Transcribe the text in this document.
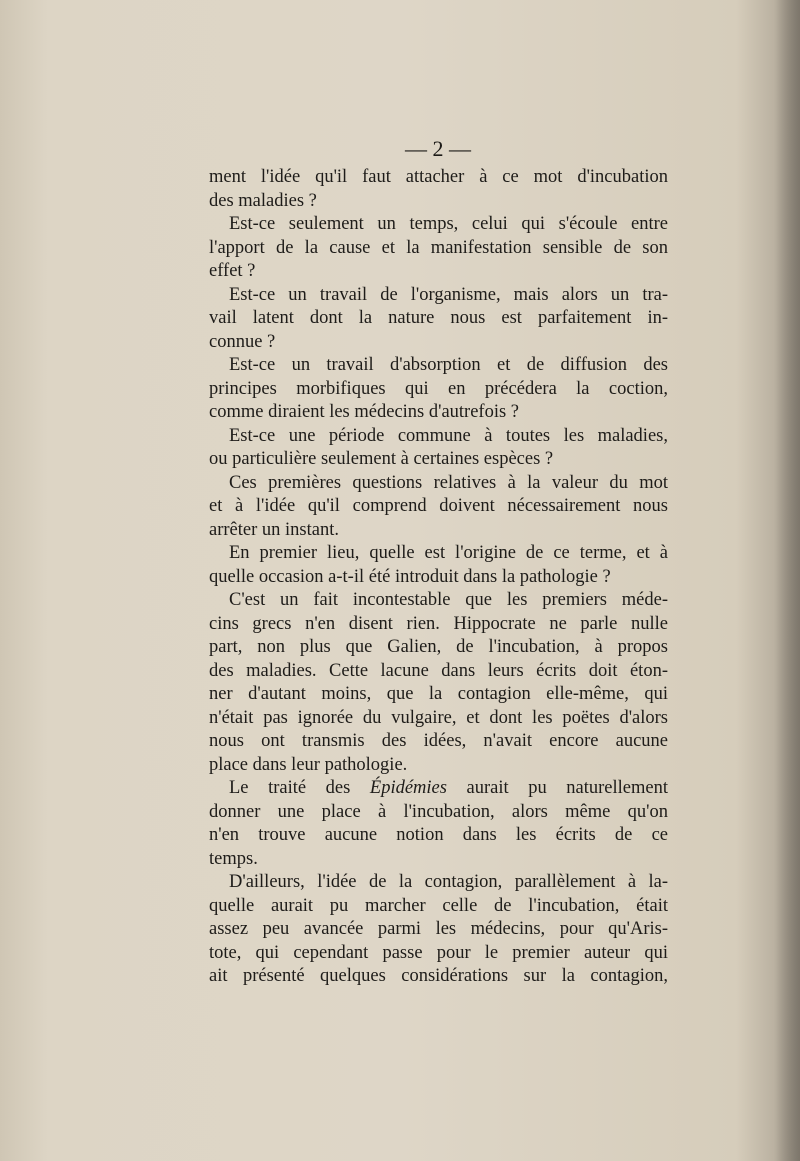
— 2 —
ment l'idée qu'il faut attacher à ce mot d'incubation
des maladies ?
Est-ce seulement un temps, celui qui s'écoule entre
l'apport de la cause et la manifestation sensible de son
effet ?
Est-ce un travail de l'organisme, mais alors un tra-
vail latent dont la nature nous est parfaitement in-
connue ?
Est-ce un travail d'absorption et de diffusion des
principes morbifiques qui en précédera la coction,
comme diraient les médecins d'autrefois ?
Est-ce une période commune à toutes les maladies,
ou particulière seulement à certaines espèces ?
Ces premières questions relatives à la valeur du mot
et à l'idée qu'il comprend doivent nécessairement nous
arrêter un instant.
En premier lieu, quelle est l'origine de ce terme, et à
quelle occasion a-t-il été introduit dans la pathologie ?
C'est un fait incontestable que les premiers méde-
cins grecs n'en disent rien. Hippocrate ne parle nulle
part, non plus que Galien, de l'incubation, à propos
des maladies. Cette lacune dans leurs écrits doit éton-
ner d'autant moins, que la contagion elle-même, qui
n'était pas ignorée du vulgaire, et dont les poëtes d'alors
nous ont transmis des idées, n'avait encore aucune
place dans leur pathologie.
Le traité des Épidémies aurait pu naturellement
donner une place à l'incubation, alors même qu'on
n'en trouve aucune notion dans les écrits de ce
temps.
D'ailleurs, l'idée de la contagion, parallèlement à la-
quelle aurait pu marcher celle de l'incubation, était
assez peu avancée parmi les médecins, pour qu'Aris-
tote, qui cependant passe pour le premier auteur qui
ait présenté quelques considérations sur la contagion,
